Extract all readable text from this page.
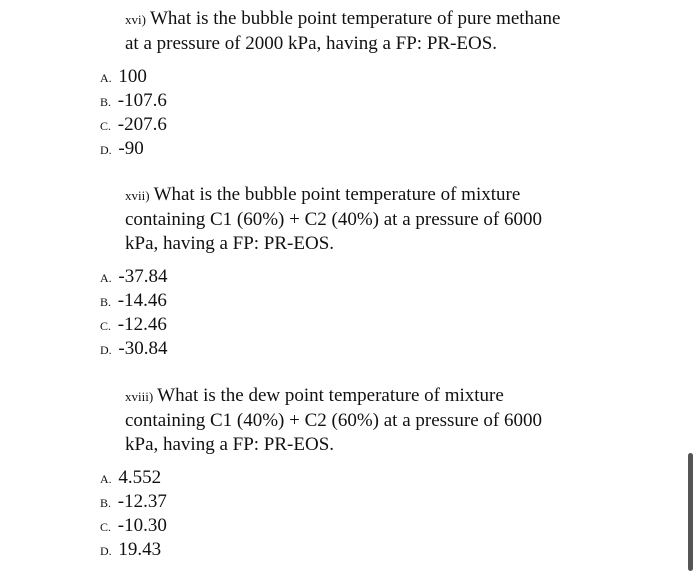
xvi) What is the bubble point temperature of pure methane
at a pressure of 2000 kPa, having a FP: PR-EOS.
A. 100
B. -107.6
C. -207.6
D. -90
xvii) What is the bubble point temperature of mixture
containing C1 (60%) + C2 (40%) at a pressure of 6000
kPa, having a FP: PR-EOS.
A. -37.84
B. -14.46
C. -12.46
D. -30.84
xviii) What is the dew point temperature of mixture
containing C1 (40%) + C2 (60%) at a pressure of 6000
kPa, having a FP: PR-EOS.
A. 4.552
B. -12.37
C. -10.30
D. 19.43
